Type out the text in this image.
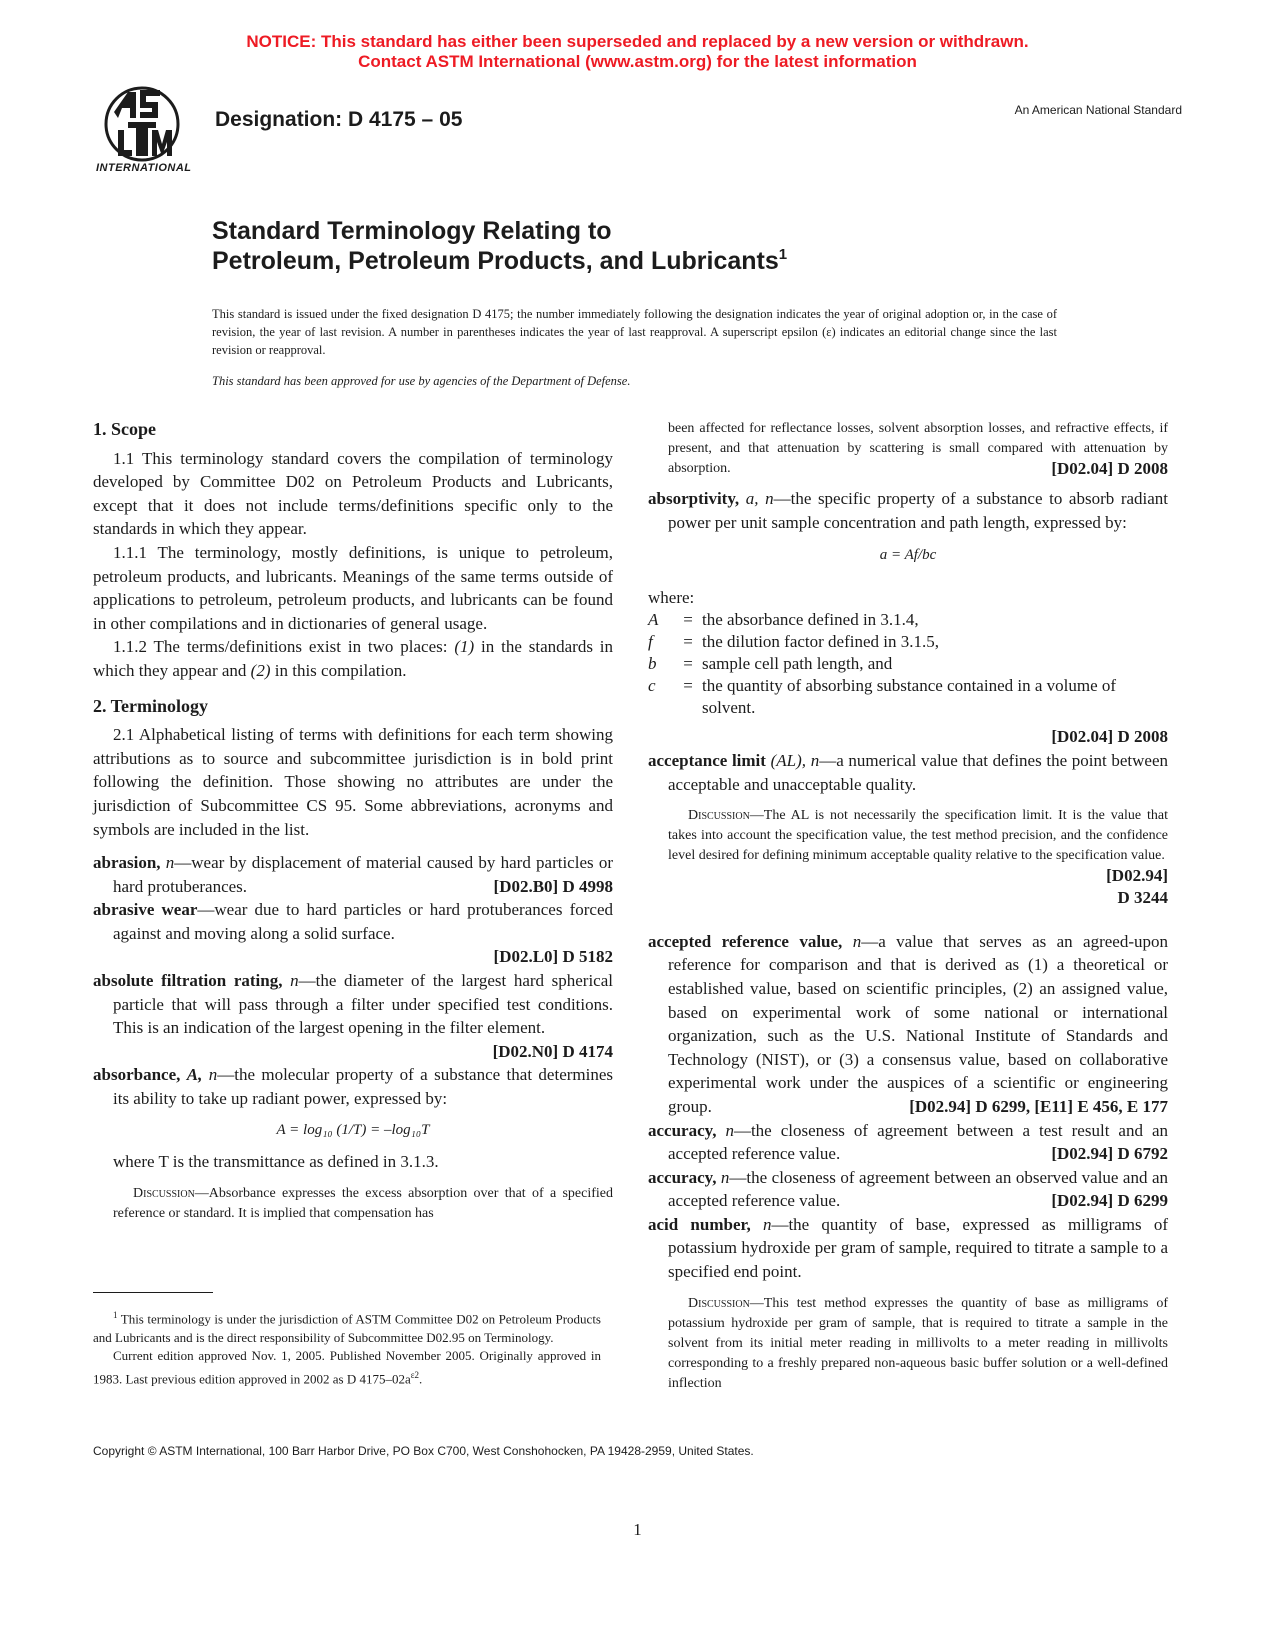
NOTICE: This standard has either been superseded and replaced by a new version or withdrawn.
Contact ASTM International (www.astm.org) for the latest information
INTERNATIONAL
Designation: D 4175 – 05	An American National Standard
Standard Terminology Relating to
Petroleum, Petroleum Products, and Lubricants$^1$

This standard is issued under the fixed designation D 4175; the number immediately following the designation indicates the year of original adoption or, in the case of revision, the year of last revision. A number in parentheses indicates the year of last reapproval. A superscript epsilon (ε) indicates an editorial change since the last revision or reapproval.

This standard has been approved for use by agencies of the Department of Defense.

1. Scope

1.1 This terminology standard covers the compilation of terminology developed by Committee D02 on Petroleum Products and Lubricants, except that it does not include terms/definitions specific only to the standards in which they appear.

1.1.1 The terminology, mostly definitions, is unique to petroleum, petroleum products, and lubricants. Meanings of the same terms outside of applications to petroleum, petroleum products, and lubricants can be found in other compilations and in dictionaries of general usage.

1.1.2 The terms/definitions exist in two places: (1) in the standards in which they appear and (2) in this compilation.

2. Terminology

2.1 Alphabetical listing of terms with definitions for each term showing attributions as to source and subcommittee jurisdiction is in bold print following the definition. Those showing no attributes are under the jurisdiction of Subcommittee CS 95. Some abbreviations, acronyms and symbols are included in the list.

abrasion, n—wear by displacement of material caused by hard particles or hard protuberances.	[D02.B0] D 4998

abrasive wear—wear due to hard particles or hard protuberances forced against and moving along a solid surface.

[D02.L0] D 5182

absolute filtration rating, n—the diameter of the largest hard spherical particle that will pass through a filter under specified test conditions. This is an indication of the largest opening in the filter element.
[D02.N0] D 4174

absorbance, A, n—the molecular property of a substance that determines its ability to take up radiant power, expressed by:

A = log₁₀ (1/T) = –log₁₀T

where T is the transmittance as defined in 3.1.3.

Discussion—Absorbance expresses the excess absorption over that of a specified reference or standard. It is implied that compensation has

$^1$ This terminology is under the jurisdiction of ASTM Committee D02 on Petroleum Products and Lubricants and is the direct responsibility of Subcommittee D02.95 on Terminology.

Current edition approved Nov. 1, 2005. Published November 2005. Originally approved in 1983. Last previous edition approved in 2002 as D $4175-02a^{\varepsilon 2}$.

been affected for reflectance losses, solvent absorption losses, and refractive effects, if present, and that attenuation by scattering is small compared with attenuation by absorption.	[D02.04] D 2008

absorptivity, a, n—the specific property of a substance to absorb radiant power per unit sample concentration and path length, expressed by:

a = Af/bc

where:

A	=	the absorbance defined in 3.1.4,
f	=	the dilution factor defined in 3.1.5,
b	=	sample cell path length, and
c	=	the quantity of absorbing substance contained in a volume of solvent.

[D02.04] D 2008

acceptance limit (AL), n—a numerical value that defines the point between acceptable and unacceptable quality.

Discussion—The AL is not necessarily the specification limit. It is the value that takes into account the specification value, the test method precision, and the confidence level desired for defining minimum acceptable quality relative to the specification value.
[D02.94]

D 3244

accepted reference value, n—a value that serves as an agreed-upon reference for comparison and that is derived as (1) a theoretical or established value, based on scientific principles, (2) an assigned value, based on experimental work of some national or international organization, such as the U.S. National Institute of Standards and Technology (NIST), or (3) a consensus value, based on collaborative experimental work under the auspices of a scientific or engineering group.	[D02.94] D 6299, [E11] E 456, E 177

accuracy, n—the closeness of agreement between a test result and an accepted reference value.	[D02.94] D 6792

accuracy, n—the closeness of agreement between an observed value and an accepted reference value.	[D02.94] D 6299

acid number, n—the quantity of base, expressed as milligrams of potassium hydroxide per gram of sample, required to titrate a sample to a specified end point.

Discussion—This test method expresses the quantity of base as milligrams of potassium hydroxide per gram of sample, that is required to titrate a sample in the solvent from its initial meter reading in millivolts to a meter reading in millivolts corresponding to a freshly prepared non-aqueous basic buffer solution or a well-defined inflection

Copyright © ASTM International, 100 Barr Harbor Drive, PO Box C700, West Conshohocken, PA 19428-2959, United States.
1
